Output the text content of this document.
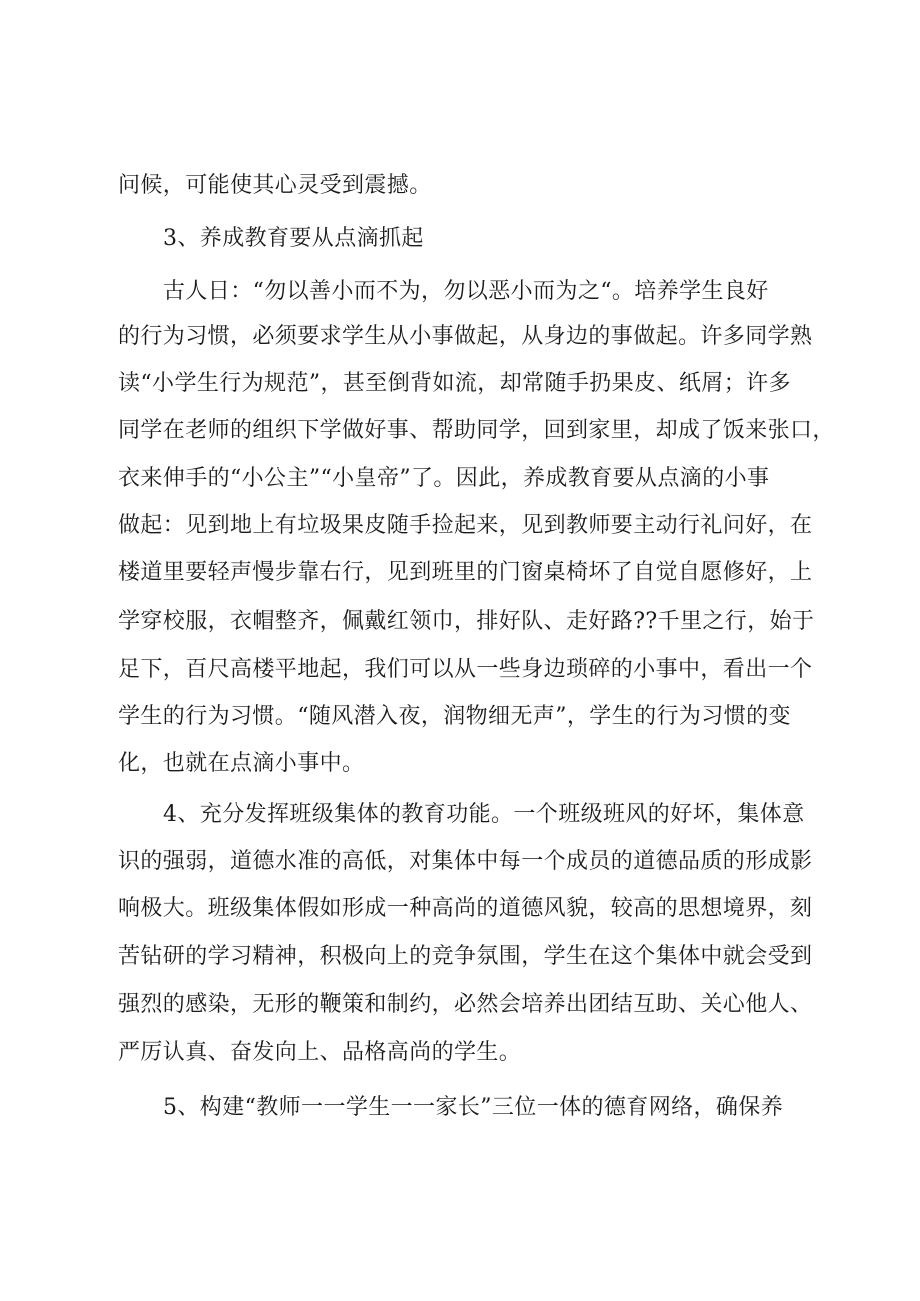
问候，可能使其心灵受到震撼。
3、养成教育要从点滴抓起
古人日：“勿以善小而不为，勿以恶小而为之“。培养学生良好
的行为习惯，必须要求学生从小事做起，从身边的事做起。许多同学熟
读“小学生行为规范”，甚至倒背如流，却常随手扔果皮、纸屑；许多
同学在老师的组织下学做好事、帮助同学，回到家里，却成了饭来张口，
衣来伸手的“小公主”“小皇帝”了。因此，养成教育要从点滴的小事
做起：见到地上有垃圾果皮随手捡起来，见到教师要主动行礼问好，在
楼道里要轻声慢步靠右行，见到班里的门窗桌椅坏了自觉自愿修好，上
学穿校服，衣帽整齐，佩戴红领巾，排好队、走好路??千里之行，始于
足下，百尺高楼平地起，我们可以从一些身边琐碎的小事中，看出一个
学生的行为习惯。“随风潜入夜，润物细无声”，学生的行为习惯的变
化，也就在点滴小事中。
4、充分发挥班级集体的教育功能。一个班级班风的好坏，集体意
识的强弱，道德水准的高低，对集体中每一个成员的道德品质的形成影
响极大。班级集体假如形成一种高尚的道德风貌，较高的思想境界，刻
苦钻研的学习精神，积极向上的竞争氛围，学生在这个集体中就会受到
强烈的感染，无形的鞭策和制约，必然会培养出团结互助、关心他人、
严厉认真、奋发向上、品格高尚的学生。
5、构建“教师一一学生一一家长”三位一体的德育网络，确保养
